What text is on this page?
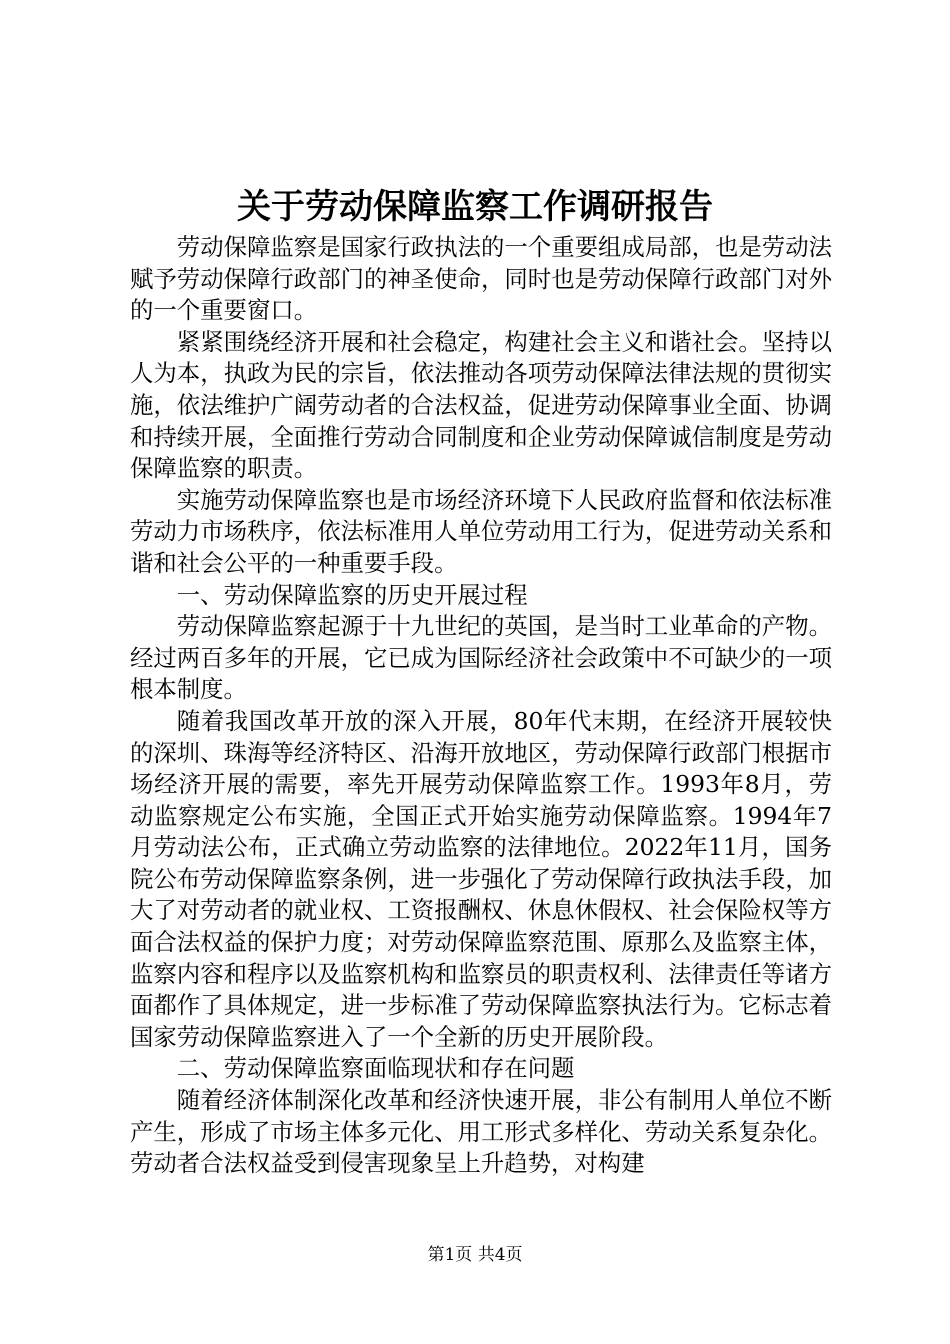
关于劳动保障监察工作调研报告

劳动保障监察是国家行政执法的一个重要组成局部，也是劳动法赋予劳动保障行政部门的神圣使命，同时也是劳动保障行政部门对外的一个重要窗口。

紧紧围绕经济开展和社会稳定，构建社会主义和谐社会。坚持以人为本，执政为民的宗旨，依法推动各项劳动保障法律法规的贯彻实施，依法维护广阔劳动者的合法权益，促进劳动保障事业全面、协调和持续开展，全面推行劳动合同制度和企业劳动保障诚信制度是劳动保障监察的职责。

实施劳动保障监察也是市场经济环境下人民政府监督和依法标准劳动力市场秩序，依法标准用人单位劳动用工行为，促进劳动关系和谐和社会公平的一种重要手段。

一、劳动保障监察的历史开展过程

劳动保障监察起源于十九世纪的英国，是当时工业革命的产物。经过两百多年的开展，它已成为国际经济社会政策中不可缺少的一项根本制度。

随着我国改革开放的深入开展，80年代末期，在经济开展较快的深圳、珠海等经济特区、沿海开放地区，劳动保障行政部门根据市场经济开展的需要，率先开展劳动保障监察工作。1993年8月，劳动监察规定公布实施，全国正式开始实施劳动保障监察。1994年7月劳动法公布，正式确立劳动监察的法律地位。2022年11月，国务院公布劳动保障监察条例，进一步强化了劳动保障行政执法手段，加大了对劳动者的就业权、工资报酬权、休息休假权、社会保险权等方面合法权益的保护力度；对劳动保障监察范围、原那么及监察主体，监察内容和程序以及监察机构和监察员的职责权利、法律责任等诸方面都作了具体规定，进一步标准了劳动保障监察执法行为。它标志着国家劳动保障监察进入了一个全新的历史开展阶段。

二、劳动保障监察面临现状和存在问题

随着经济体制深化改革和经济快速开展，非公有制用人单位不断产生，形成了市场主体多元化、用工形式多样化、劳动关系复杂化。劳动者合法权益受到侵害现象呈上升趋势，对构建

第1页 共4页
